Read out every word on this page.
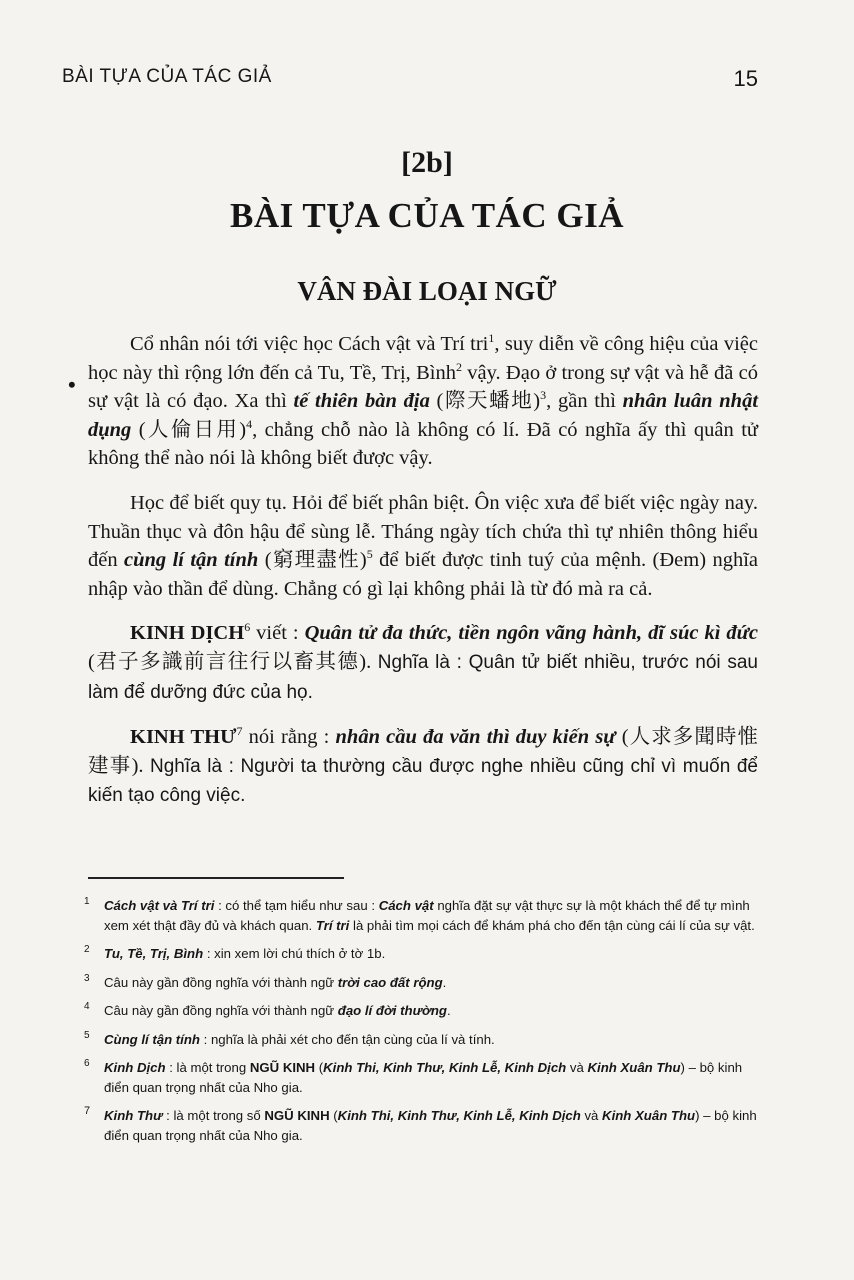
BÀI TỰA CỦA TÁC GIẢ	15
[2b]
BÀI TỰA CỦA TÁC GIẢ
VÂN ĐÀI LOẠI NGỮ
•

Cổ nhân nói tới việc học Cách vật và Trí tri$^1$, suy diễn về công hiệu của việc học này thì rộng lớn đến cả Tu, Tề, Trị, Bình$^2$ vậy. Đạo ở trong sự vật và hễ đã có sự vật là có đạo. Xa thì tế thiên bàn địa (際天蟠地)$^3$, gần thì nhân luân nhật dụng (人倫日用)$^4$, chẳng chỗ nào là không có lí. Đã có nghĩa ấy thì quân tử không thể nào nói là không biết được vậy.

Học để biết quy tụ. Hỏi để biết phân biệt. Ôn việc xưa để biết việc ngày nay. Thuần thục và đôn hậu để sùng lễ. Tháng ngày tích chứa thì tự nhiên thông hiểu đến cùng lí tận tính (窮理盡性)$^5$ để biết được tinh tuý của mệnh. (Đem) nghĩa nhập vào thần để dùng. Chẳng có gì lại không phải là từ đó mà ra cả.

KINH DỊCH$^6$ viết : Quân tử đa thức, tiền ngôn vãng hành, dĩ súc kì đức (君子多識前言往行以畜其德). Nghĩa là : Quân tử biết nhiều, trước nói sau làm để dưỡng đức của họ.

KINH THƯ$^7$ nói rằng : nhân cầu đa văn thì duy kiến sự (人求多聞時惟建事). Nghĩa là : Người ta thường cầu được nghe nhiều cũng chỉ vì muốn để kiến tạo công việc.

1 Cách vật và Trí tri : có thể tạm hiểu như sau : Cách vật nghĩa đặt sự vật thực sự là một khách thể để tự mình xem xét thật đầy đủ và khách quan. Trí tri là phải tìm mọi cách để khám phá cho đến tận cùng cái lí của sự vật.
2 Tu, Tề, Trị, Bình : xin xem lời chú thích ở tờ 1b.
3 Câu này gần đồng nghĩa với thành ngữ trời cao đất rộng.
4 Câu này gần đồng nghĩa với thành ngữ đạo lí đời thường.
5 Cùng lí tận tính : nghĩa là phải xét cho đến tận cùng của lí và tính.
6 Kinh Dịch : là một trong NGŨ KINH (Kinh Thi, Kinh Thư, Kinh Lễ, Kinh Dịch và Kinh Xuân Thu) – bộ kinh điển quan trọng nhất của Nho gia.
7 Kinh Thư : là một trong số NGŨ KINH (Kinh Thi, Kinh Thư, Kinh Lễ, Kinh Dịch và Kinh Xuân Thu) – bộ kinh điển quan trọng nhất của Nho gia.
